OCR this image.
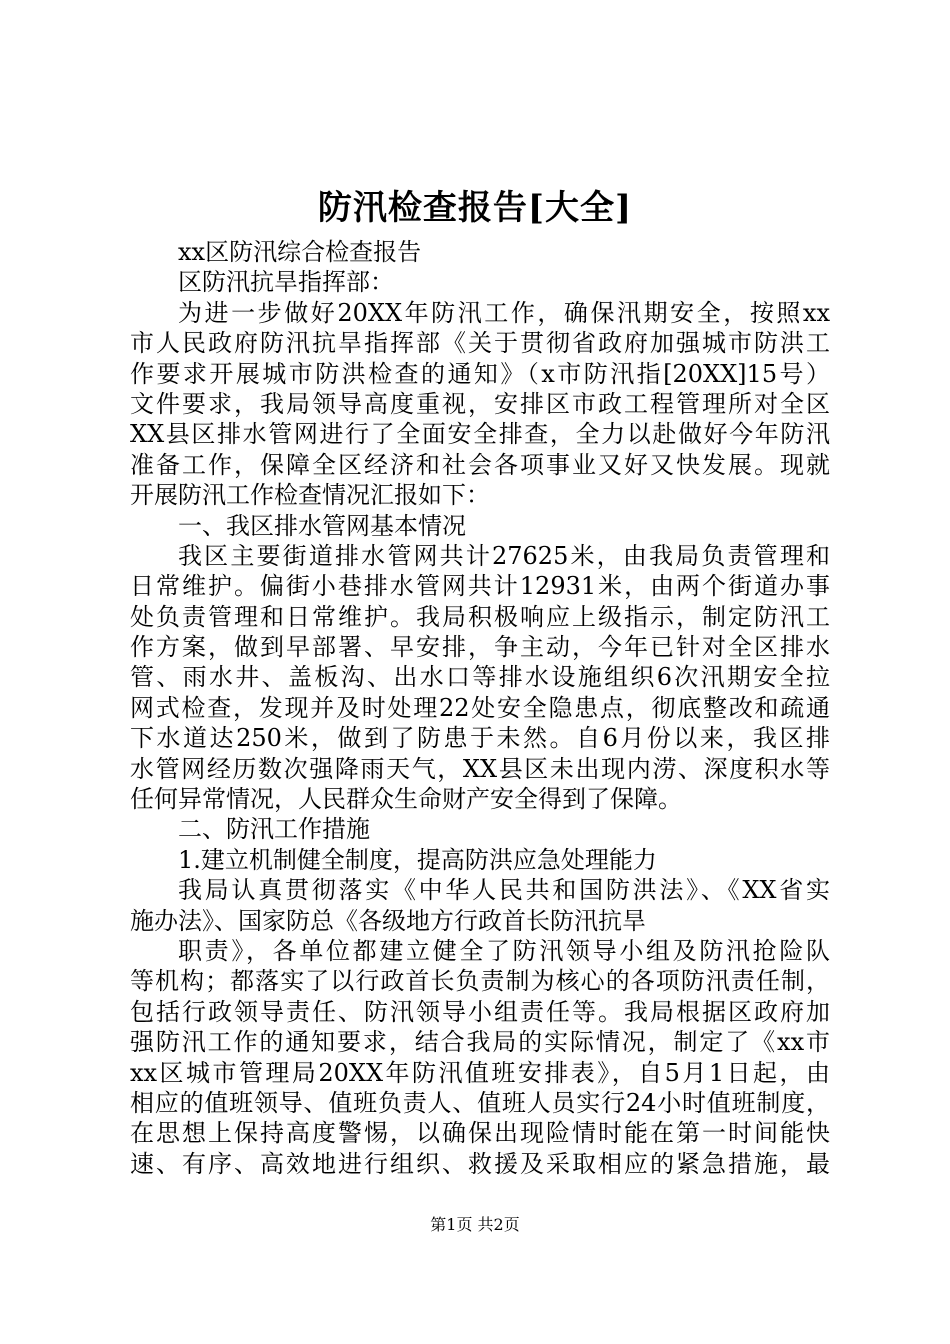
防汛检查报告[大全]
xx区防汛综合检查报告
区防汛抗旱指挥部：
为进一步做好20XX年防汛工作，确保汛期安全，按照xx
市人民政府防汛抗旱指挥部《关于贯彻省政府加强城市防洪工
作要求开展城市防洪检查的通知》（x市防汛指[20XX]15号）
文件要求，我局领导高度重视，安排区市政工程管理所对全区
XX县区排水管网进行了全面安全排查，全力以赴做好今年防汛
准备工作，保障全区经济和社会各项事业又好又快发展。现就
开展防汛工作检查情况汇报如下：
一、我区排水管网基本情况
我区主要街道排水管网共计27625米，由我局负责管理和
日常维护。偏街小巷排水管网共计12931米，由两个街道办事
处负责管理和日常维护。我局积极响应上级指示，制定防汛工
作方案，做到早部署、早安排，争主动，今年已针对全区排水
管、雨水井、盖板沟、出水口等排水设施组织6次汛期安全拉
网式检查，发现并及时处理22处安全隐患点，彻底整改和疏通
下水道达250米，做到了防患于未然。自6月份以来，我区排
水管网经历数次强降雨天气，XX县区未出现内涝、深度积水等
任何异常情况，人民群众生命财产安全得到了保障。
二、防汛工作措施
1.建立机制健全制度，提高防洪应急处理能力
我局认真贯彻落实《中华人民共和国防洪法》、《XX省实
施办法》、国家防总《各级地方行政首长防汛抗旱
职责》，各单位都建立健全了防汛领导小组及防汛抢险队
等机构；都落实了以行政首长负责制为核心的各项防汛责任制，
包括行政领导责任、防汛领导小组责任等。我局根据区政府加
强防汛工作的通知要求，结合我局的实际情况，制定了《xx市
xx区城市管理局20XX年防汛值班安排表》，自5月1日起，由
相应的值班领导、值班负责人、值班人员实行24小时值班制度，
在思想上保持高度警惕，以确保出现险情时能在第一时间能快
速、有序、高效地进行组织、救援及采取相应的紧急措施，最
第1页 共2页
